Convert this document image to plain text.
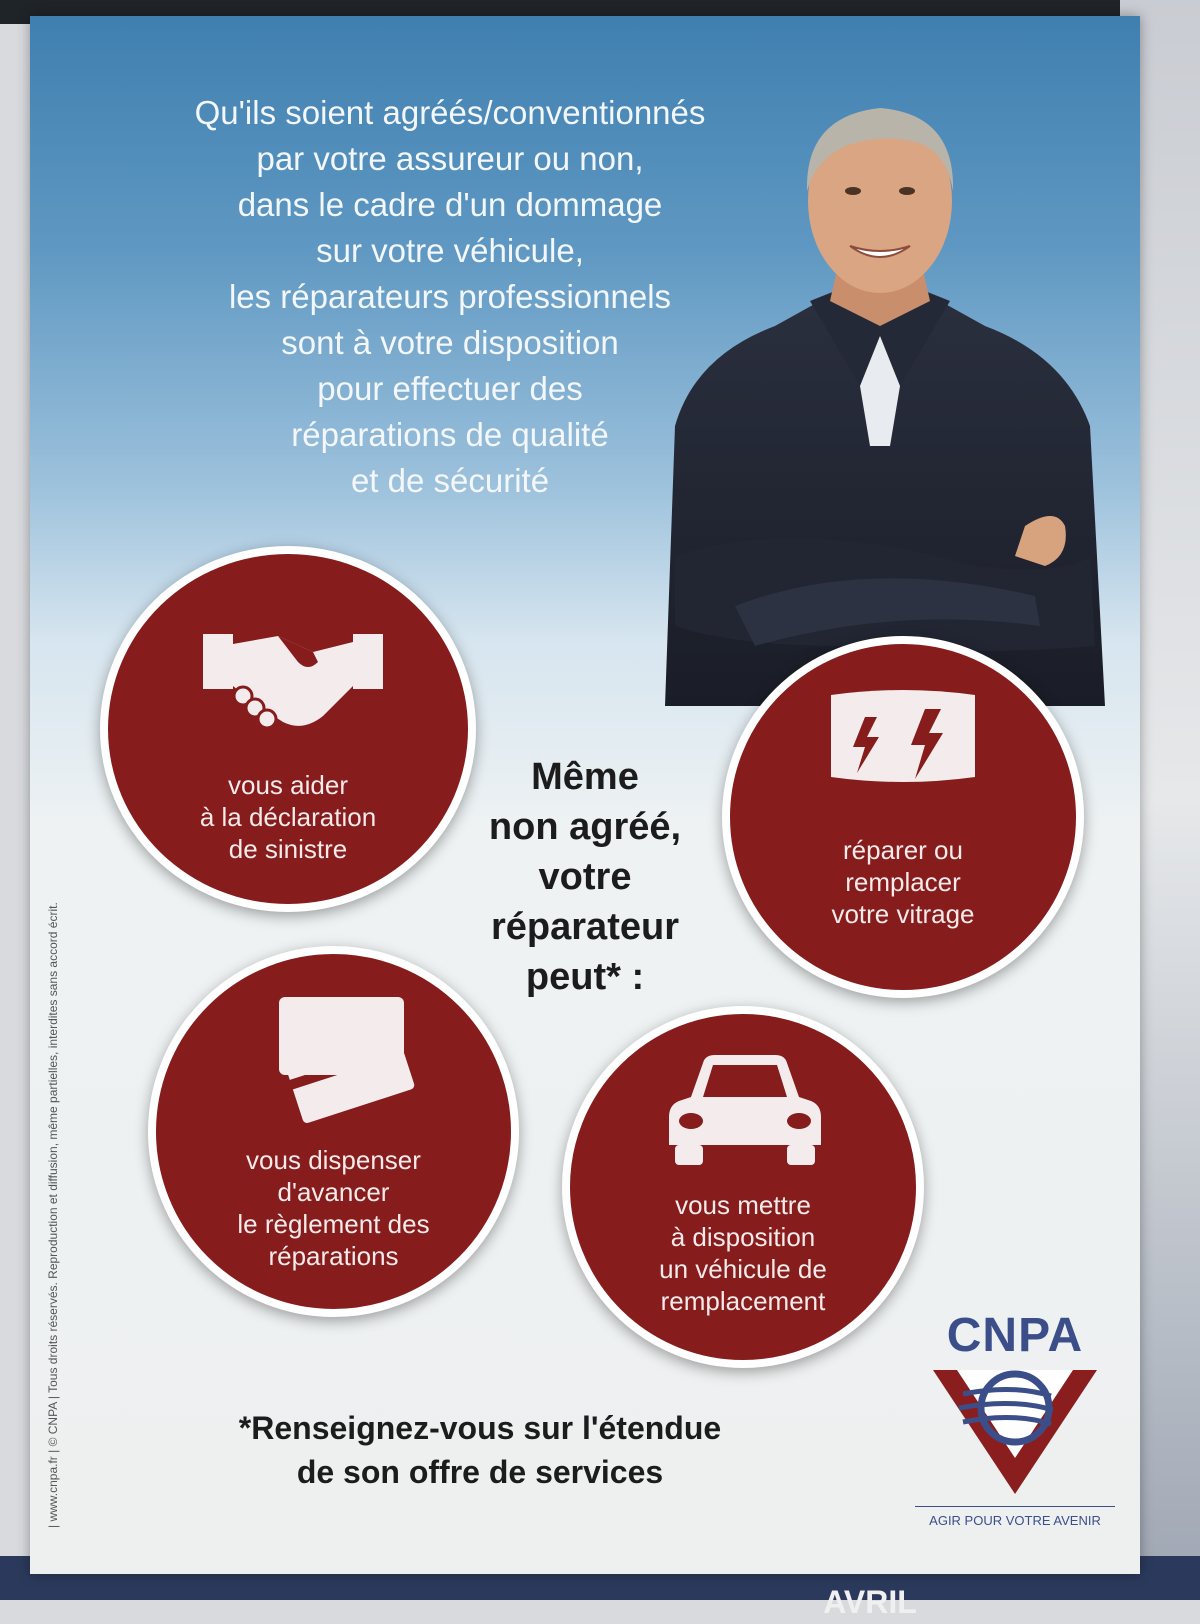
AVRIL
Qu'ils soient agréés/conventionnés
par votre assureur ou non,
dans le cadre d'un dommage
sur votre véhicule,
les réparateurs professionnels
sont à votre disposition
pour effectuer des
réparations de qualité
et de sécurité
vous aider
à la déclaration
de sinistre	réparer ou
remplacer
votre vitrage
vous dispenser
d'avancer
le règlement des
réparations
vous mettre
à disposition
un véhicule de
remplacement
Même
non agréé,
votre
réparateur
peut* :
*Renseignez-vous sur l'étendue
de son offre de services
| www.cnpa.fr | © CNPA | Tous droits réservés. Reproduction et diffusion, même partielles, interdites sans accord écrit.	CNPA
AGIR POUR VOTRE AVENIR
